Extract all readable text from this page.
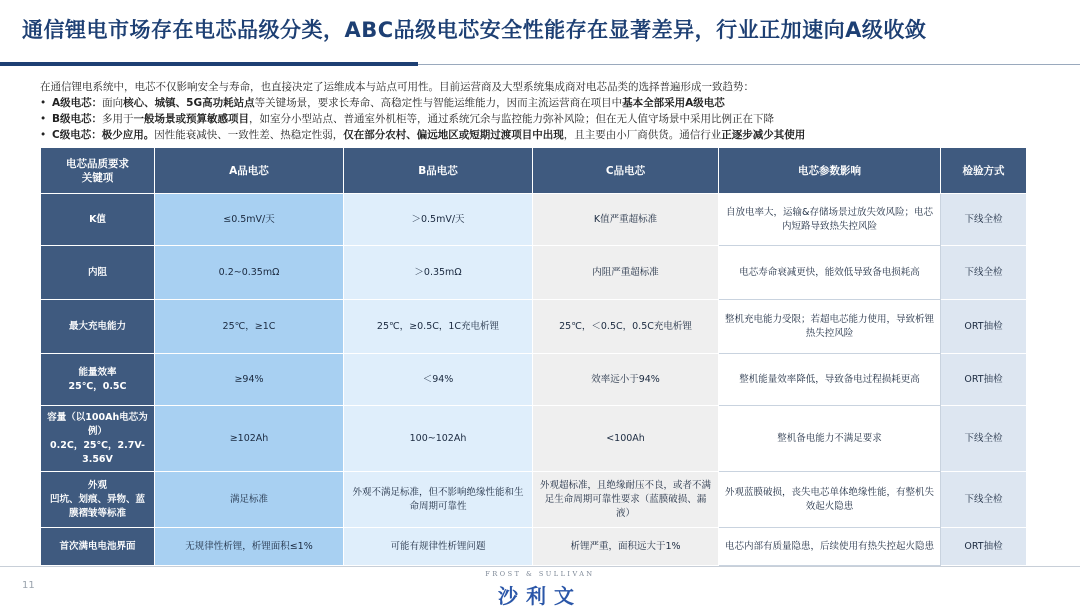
通信锂电市场存在电芯品级分类，ABC品级电芯安全性能存在显著差异，行业正加速向A级收敛
在通信锂电系统中，电芯不仅影响安全与寿命，也直接决定了运维成本与站点可用性。目前运营商及大型系统集成商对电芯品类的选择普遍形成一致趋势：
• A级电芯：面向核心、城镇、5G高功耗站点等关键场景，要求长寿命、高稳定性与智能运维能力，因而主流运营商在项目中基本全部采用A级电芯
• B级电芯：多用于一般场景或预算敏感项目，如室分小型站点、普通室外机柜等，通过系统冗余与监控能力弥补风险；但在无人值守场景中采用比例正在下降
• C级电芯：极少应用。因性能衰减快、一致性差、热稳定性弱，仅在部分农村、偏远地区或短期过渡项目中出现，且主要由小厂商供货。通信行业正逐步减少其使用
电芯品质要求
关键项	A品电芯	B品电芯	C品电芯	电芯参数影响	检验方式
K值	≤0.5mV/天	＞0.5mV/天	K值严重超标准	自放电率大，运输&存储场景过放失效风险；电芯内短路导致热失控风险	下线全检
内阻	0.2~0.35mΩ	＞0.35mΩ	内阻严重超标准	电芯寿命衰减更快，能效低导致备电损耗高	下线全检
最大充电能力	25℃，≥1C	25℃，≥0.5C，1C充电析锂	25℃，＜0.5C，0.5C充电析锂	整机充电能力受限；若超电芯能力使用，导致析锂热失控风险	ORT抽检
能量效率
25℃，0.5C	≥94%	＜94%	效率远小于94%	整机能量效率降低，导致备电过程损耗更高	ORT抽检
容量（以100Ah电芯为例）
0.2C，25℃，2.7V-3.56V	≥102Ah	100~102Ah	<100Ah	整机备电能力不满足要求	下线全检
外观
凹坑、划痕、异物、蓝膜褶皱等标准	满足标准	外观不满足标准，但不影响绝缘性能和生命周期可靠性	外观超标准，且绝缘耐压不良，或者不满足生命周期可靠性要求（蓝膜破损、漏液）	外观蓝膜破损，丧失电芯单体绝缘性能，有整机失效起火隐患	下线全检
首次满电电池界面	无规律性析锂，析锂面积≤1%	可能有规律性析锂问题	析锂严重，面积远大于1%	电芯内部有质量隐患，后续使用有热失控起火隐患	ORT抽检
11
FROST & SULLIVAN
沙利文
